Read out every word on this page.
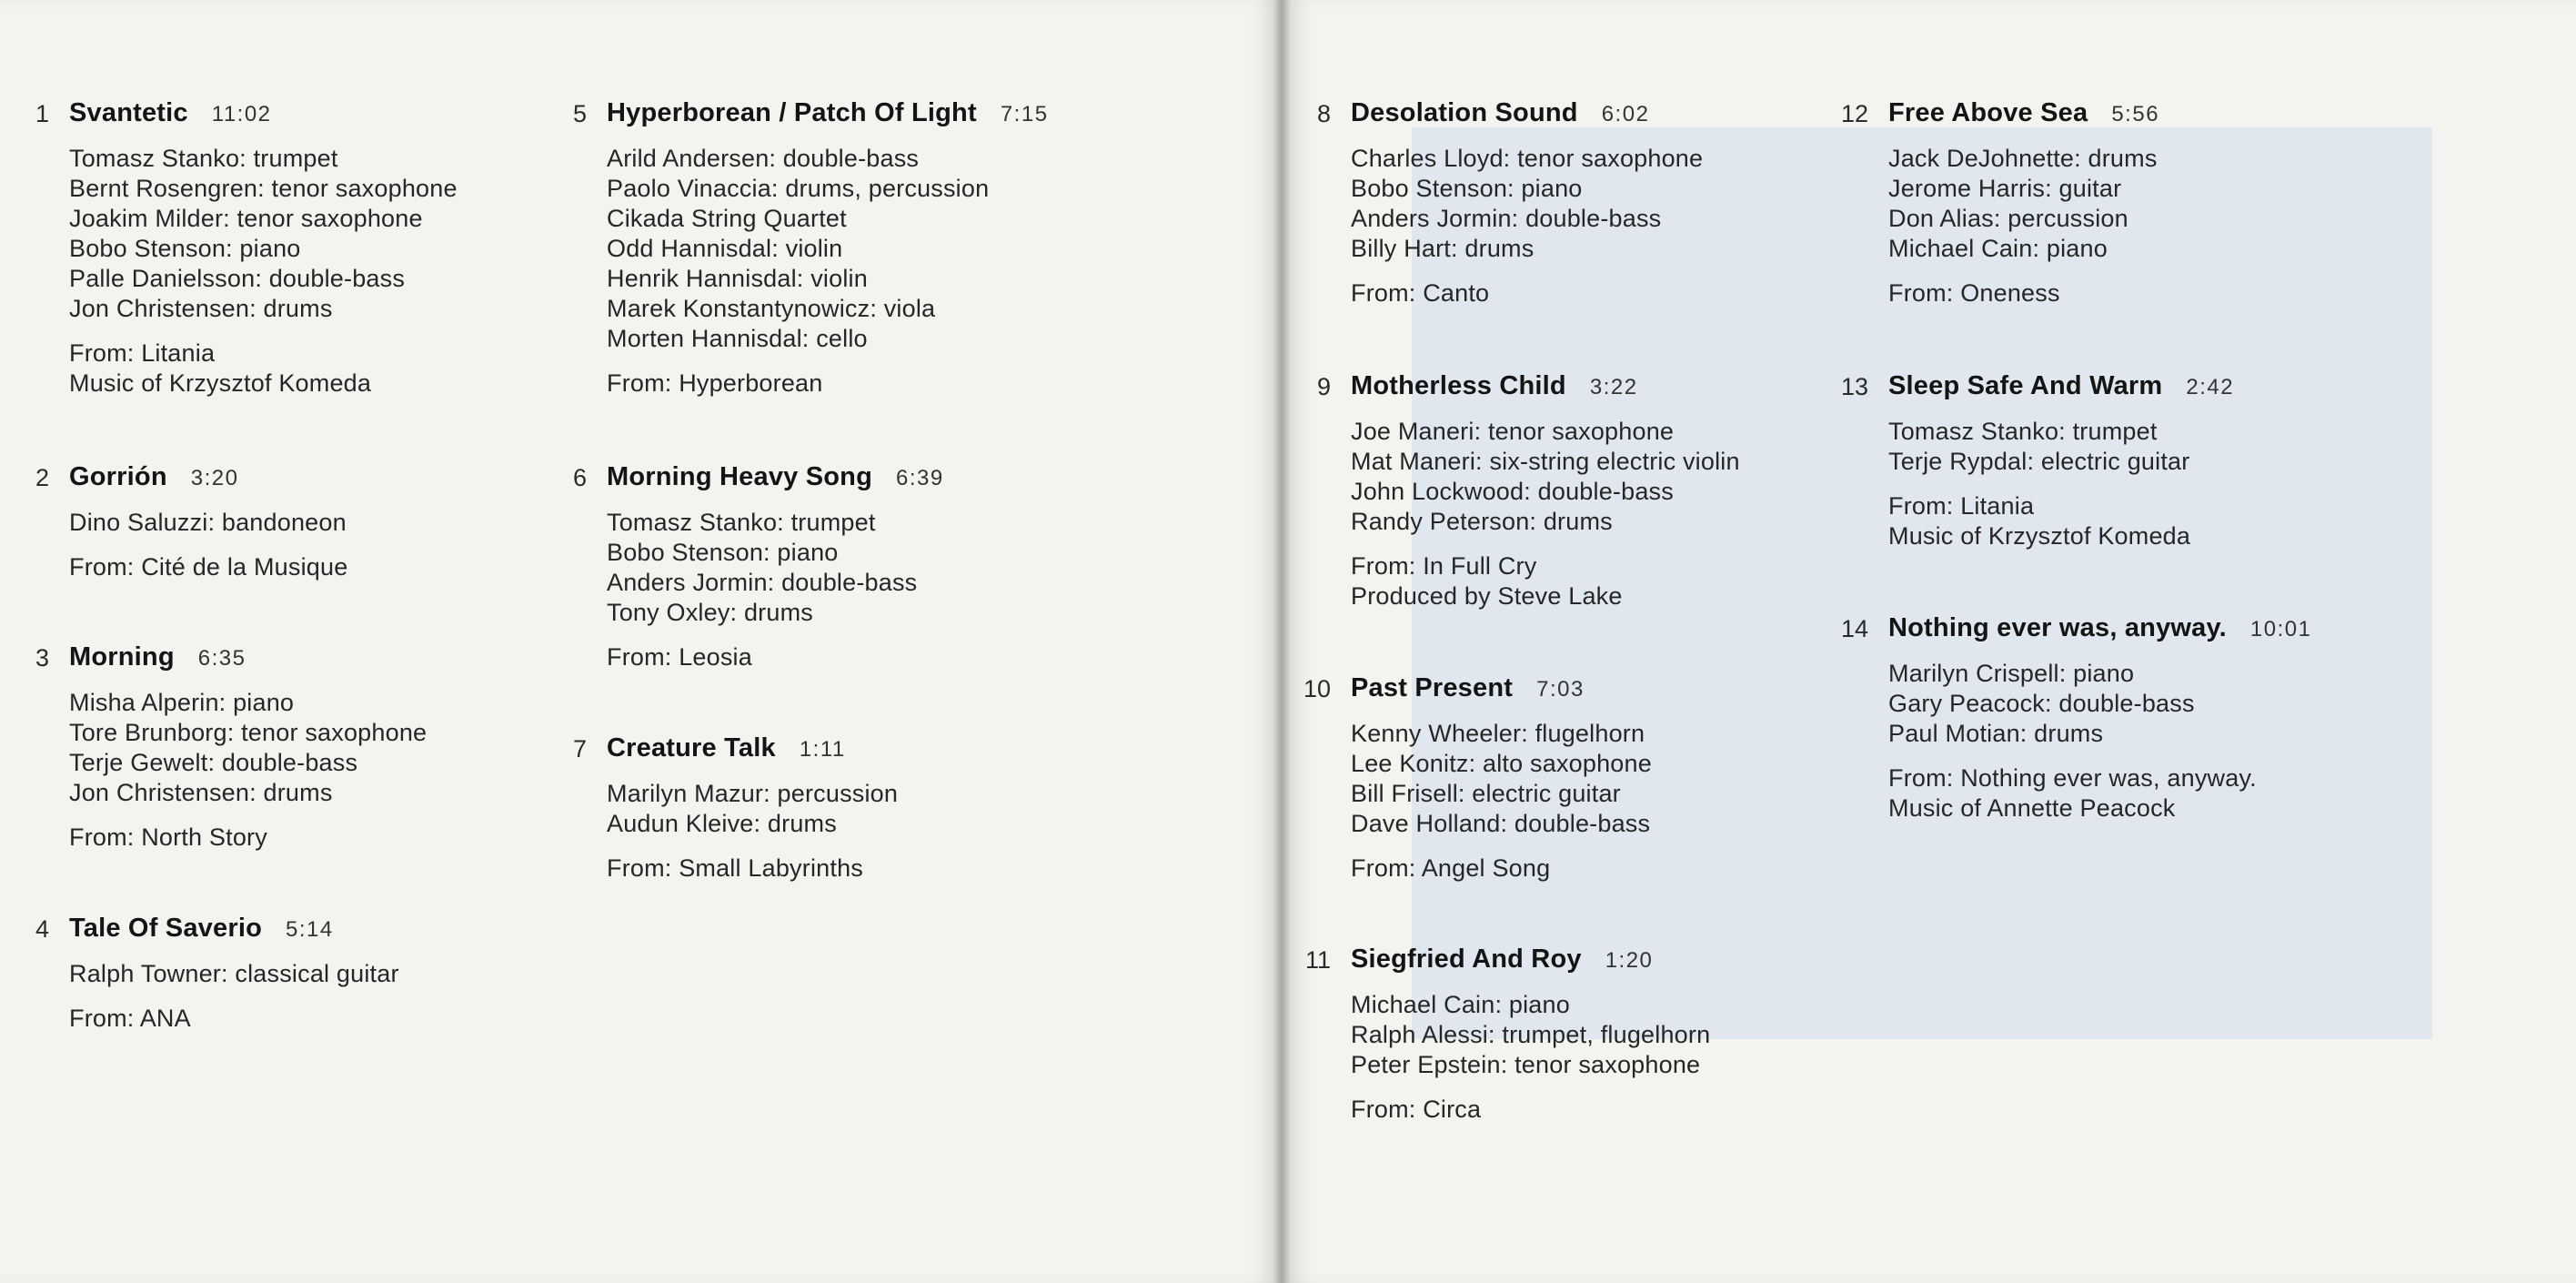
1 Svantetic 11:02
Tomasz Stanko: trumpet
Bernt Rosengren: tenor saxophone
Joakim Milder: tenor saxophone
Bobo Stenson: piano
Palle Danielsson: double-bass
Jon Christensen: drums
From: Litania
Music of Krzysztof Komeda
2 Gorrión 3:20
Dino Saluzzi: bandoneon
From: Cité de la Musique
3 Morning 6:35
Misha Alperin: piano
Tore Brunborg: tenor saxophone
Terje Gewelt: double-bass
Jon Christensen: drums
From: North Story
4 Tale Of Saverio 5:14
Ralph Towner: classical guitar
From: ANA
5 Hyperborean / Patch Of Light 7:15
Arild Andersen: double-bass
Paolo Vinaccia: drums, percussion
Cikada String Quartet
Odd Hannisdal: violin
Henrik Hannisdal: violin
Marek Konstantynowicz: viola
Morten Hannisdal: cello
From: Hyperborean
6 Morning Heavy Song 6:39
Tomasz Stanko: trumpet
Bobo Stenson: piano
Anders Jormin: double-bass
Tony Oxley: drums
From: Leosia
7 Creature Talk 1:11
Marilyn Mazur: percussion
Audun Kleive: drums
From: Small Labyrinths
8 Desolation Sound 6:02
Charles Lloyd: tenor saxophone
Bobo Stenson: piano
Anders Jormin: double-bass
Billy Hart: drums
From: Canto
9 Motherless Child 3:22
Joe Maneri: tenor saxophone
Mat Maneri: six-string electric violin
John Lockwood: double-bass
Randy Peterson: drums
From: In Full Cry
Produced by Steve Lake
10 Past Present 7:03
Kenny Wheeler: flugelhorn
Lee Konitz: alto saxophone
Bill Frisell: electric guitar
Dave Holland: double-bass
From: Angel Song
11 Siegfried And Roy 1:20
Michael Cain: piano
Ralph Alessi: trumpet, flugelhorn
Peter Epstein: tenor saxophone
From: Circa
12 Free Above Sea 5:56
Jack DeJohnette: drums
Jerome Harris: guitar
Don Alias: percussion
Michael Cain: piano
From: Oneness
13 Sleep Safe And Warm 2:42
Tomasz Stanko: trumpet
Terje Rypdal: electric guitar
From: Litania
Music of Krzysztof Komeda
14 Nothing ever was, anyway. 10:01
Marilyn Crispell: piano
Gary Peacock: double-bass
Paul Motian: drums
From: Nothing ever was, anyway.
Music of Annette Peacock
